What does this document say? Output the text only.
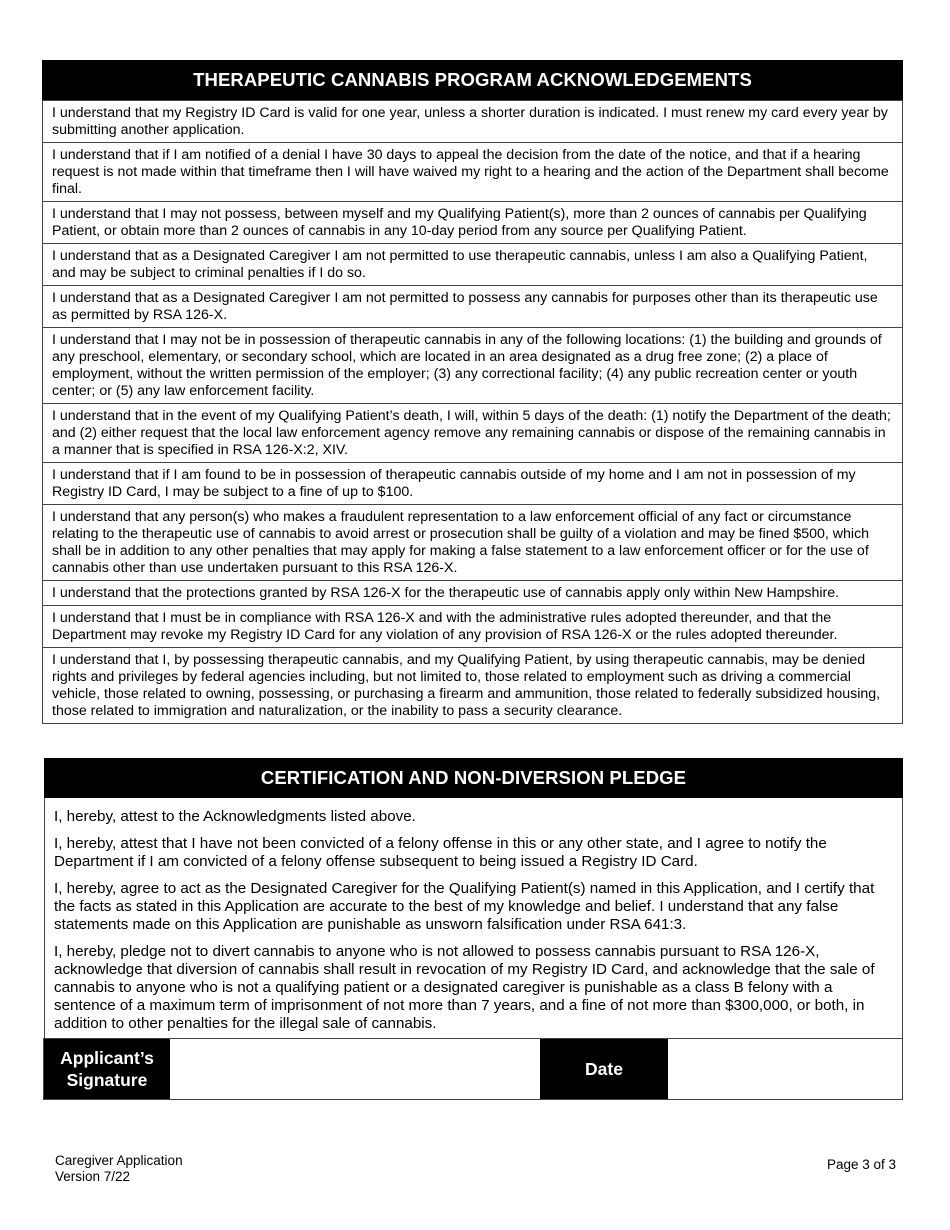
THERAPEUTIC CANNABIS PROGRAM ACKNOWLEDGEMENTS
I understand that my Registry ID Card is valid for one year, unless a shorter duration is indicated. I must renew my card every year by submitting another application.
I understand that if I am notified of a denial I have 30 days to appeal the decision from the date of the notice, and that if a hearing request is not made within that timeframe then I will have waived my right to a hearing and the action of the Department shall become final.
I understand that I may not possess, between myself and my Qualifying Patient(s), more than 2 ounces of cannabis per Qualifying Patient, or obtain more than 2 ounces of cannabis in any 10-day period from any source per Qualifying Patient.
I understand that as a Designated Caregiver I am not permitted to use therapeutic cannabis, unless I am also a Qualifying Patient, and may be subject to criminal penalties if I do so.
I understand that as a Designated Caregiver I am not permitted to possess any cannabis for purposes other than its therapeutic use as permitted by RSA 126-X.
I understand that I may not be in possession of therapeutic cannabis in any of the following locations: (1) the building and grounds of any preschool, elementary, or secondary school, which are located in an area designated as a drug free zone; (2) a place of employment, without the written permission of the employer; (3) any correctional facility; (4) any public recreation center or youth center; or (5) any law enforcement facility.
I understand that in the event of my Qualifying Patient’s death, I will, within 5 days of the death: (1) notify the Department of the death; and (2) either request that the local law enforcement agency remove any remaining cannabis or dispose of the remaining cannabis in a manner that is specified in RSA 126-X:2, XIV.
I understand that if I am found to be in possession of therapeutic cannabis outside of my home and I am not in possession of my Registry ID Card, I may be subject to a fine of up to $100.
I understand that any person(s) who makes a fraudulent representation to a law enforcement official of any fact or circumstance relating to the therapeutic use of cannabis to avoid arrest or prosecution shall be guilty of a violation and may be fined $500, which shall be in addition to any other penalties that may apply for making a false statement to a law enforcement officer or for the use of cannabis other than use undertaken pursuant to this RSA 126-X.
I understand that the protections granted by RSA 126-X for the therapeutic use of cannabis apply only within New Hampshire.
I understand that I must be in compliance with RSA 126-X and with the administrative rules adopted thereunder, and that the Department may revoke my Registry ID Card for any violation of any provision of RSA 126-X or the rules adopted thereunder.
I understand that I, by possessing therapeutic cannabis, and my Qualifying Patient, by using therapeutic cannabis, may be denied rights and privileges by federal agencies including, but not limited to, those related to employment such as driving a commercial vehicle, those related to owning, possessing, or purchasing a firearm and ammunition, those related to federally subsidized housing, those related to immigration and naturalization, or the inability to pass a security clearance.
CERTIFICATION AND NON-DIVERSION PLEDGE

I, hereby, attest to the Acknowledgments listed above.

I, hereby, attest that I have not been convicted of a felony offense in this or any other state, and I agree to notify the Department if I am convicted of a felony offense subsequent to being issued a Registry ID Card.

I, hereby, agree to act as the Designated Caregiver for the Qualifying Patient(s) named in this Application, and I certify that the facts as stated in this Application are accurate to the best of my knowledge and belief. I understand that any false statements made on this Application are punishable as unsworn falsification under RSA 641:3.

I, hereby, pledge not to divert cannabis to anyone who is not allowed to possess cannabis pursuant to RSA 126-X, acknowledge that diversion of cannabis shall result in revocation of my Registry ID Card, and acknowledge that the sale of cannabis to anyone who is not a qualifying patient or a designated caregiver is punishable as a class B felony with a sentence of a maximum term of imprisonment of not more than 7 years, and a fine of not more than $300,000, or both, in addition to other penalties for the illegal sale of cannabis.

Applicant’s
Signature
Date
Caregiver Application
Version 7/22
Page 3 of 3
